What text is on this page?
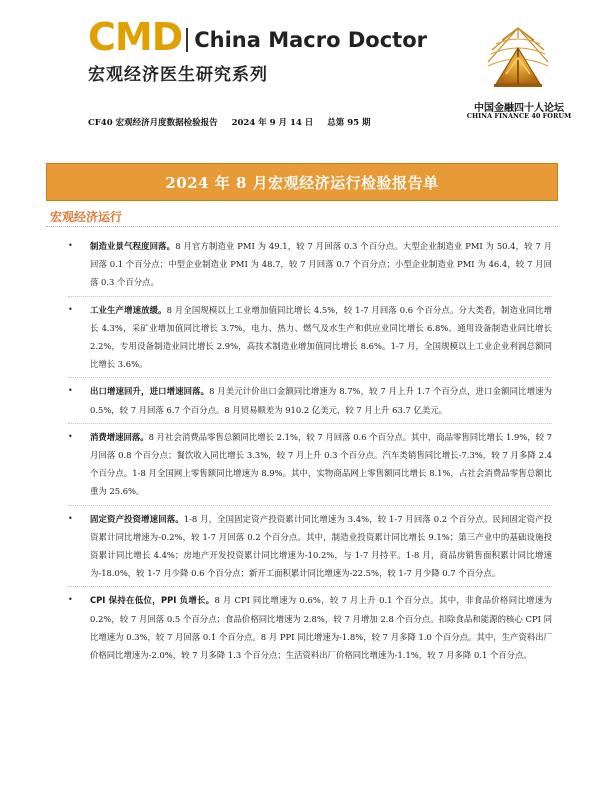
CMD China Macro Doctor
宏观经济医生研究系列
中国金融四十人论坛
CHINA FINANCE 40 FORUM
CF40 宏观经济月度数据检验报告 2024 年 9 月 14 日 总第 95 期
2024 年 8 月宏观经济运行检验报告单
宏观经济运行
• 制造业景气程度回落。8 月官方制造业 PMI 为 49.1，较 7 月回落 0.3 个百分点。大型企业制造业 PMI 为 50.4，较 7 月回落 0.1 个百分点；中型企业制造业 PMI 为 48.7，较 7 月回落 0.7 个百分点；小型企业制造业 PMI 为 46.4，较 7 月回落 0.3 个百分点。
• 工业生产增速放缓。8 月全国规模以上工业增加值同比增长 4.5%，较 1-7 月回落 0.6 个百分点。分大类看，制造业同比增长 4.3%，采矿业增加值同比增长 3.7%，电力、热力、燃气及水生产和供应业同比增长 6.8%。通用设备制造业同比增长 2.2%，专用设备制造业同比增长 2.9%，高技术制造业增加值同比增长 8.6%。1-7 月，全国规模以上工业企业利润总额同比增长 3.6%。
• 出口增速回升，进口增速回落。8 月美元计价出口金额同比增速为 8.7%，较 7 月上升 1.7 个百分点，进口金额同比增速为 0.5%，较 7 月回落 6.7 个百分点。8 月贸易顺差为 910.2 亿美元，较 7 月上升 63.7 亿美元。
• 消费增速回落。8 月社会消费品零售总额同比增长 2.1%，较 7 月回落 0.6 个百分点。其中，商品零售同比增长 1.9%，较 7 月回落 0.8 个百分点；餐饮收入同比增长 3.3%，较 7 月上升 0.3 个百分点。汽车类销售同比增长-7.3%，较 7 月多降 2.4 个百分点。1-8 月全国网上零售额同比增速为 8.9%。其中，实物商品网上零售额同比增长 8.1%，占社会消费品零售总额比重为 25.6%。
• 固定资产投资增速回落。1-8 月，全国固定资产投资累计同比增速为 3.4%，较 1-7 月回落 0.2 个百分点。民间固定资产投资累计同比增速为-0.2%，较 1-7 月回落 0.2 个百分点。其中，制造业投资累计同比增长 9.1%；第三产业中的基础设施投资累计同比增长 4.4%；房地产开发投资累计同比增速为-10.2%，与 1-7 月持平。1-8 月，商品房销售面积累计同比增速为-18.0%，较 1-7 月少降 0.6 个百分点；新开工面积累计同比增速为-22.5%，较 1-7 月少降 0.7 个百分点。
• CPI 保持在低位，PPI 负增长。8 月 CPI 同比增速为 0.6%，较 7 月上升 0.1 个百分点。其中，非食品价格同比增速为 0.2%，较 7 月回落 0.5 个百分点；食品价格同比增速为 2.8%，较 7 月增加 2.8 个百分点。扣除食品和能源的核心 CPI 同比增速为 0.3%，较 7 月回落 0.1 个百分点。8 月 PPI 同比增速为-1.8%，较 7 月多降 1.0 个百分点。其中，生产资料出厂价格同比增速为-2.0%，较 7 月多降 1.3 个百分点；生活资料出厂价格同比增速为-1.1%，较 7 月多降 0.1 个百分点。
